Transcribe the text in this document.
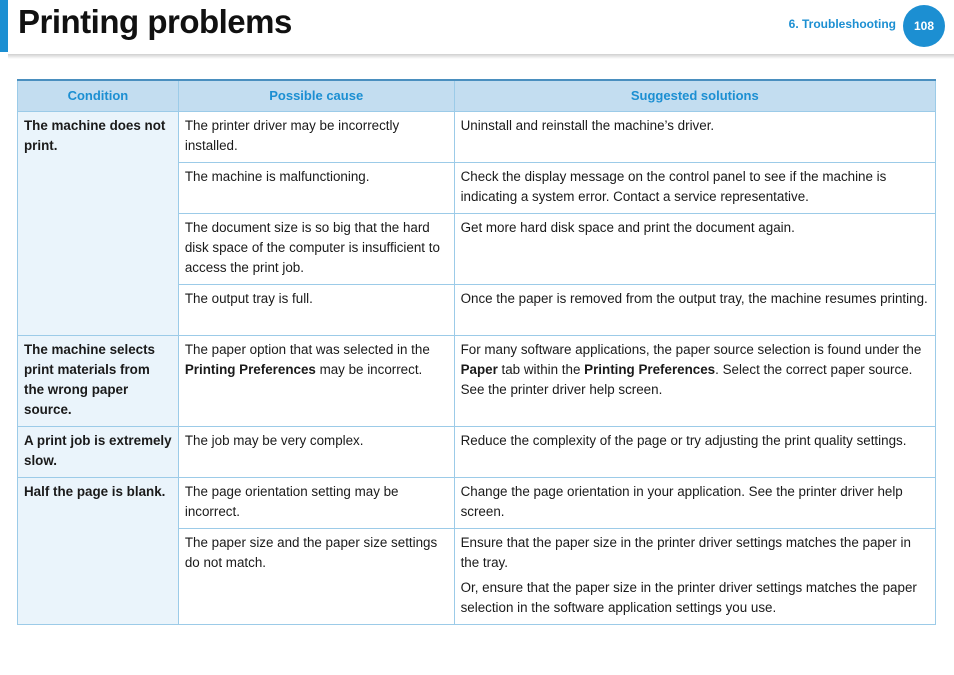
Printing problems	6. Troubleshooting	108
Condition	Possible cause	Suggested solutions
The machine does not print.	The printer driver may be incorrectly installed.	Uninstall and reinstall the machine’s driver.
	The machine is malfunctioning.	Check the display message on the control panel to see if the machine is indicating a system error. Contact a service representative.
	The document size is so big that the hard disk space of the computer is insufficient to access the print job.	Get more hard disk space and print the document again.
	The output tray is full.	Once the paper is removed from the output tray, the machine resumes printing.
The machine selects print materials from the wrong paper source.	The paper option that was selected in the Printing Preferences may be incorrect.	For many software applications, the paper source selection is found under the Paper tab within the Printing Preferences. Select the correct paper source. See the printer driver help screen.
A print job is extremely slow.	The job may be very complex.	Reduce the complexity of the page or try adjusting the print quality settings.
Half the page is blank.	The page orientation setting may be incorrect.	Change the page orientation in your application. See the printer driver help screen.
	The paper size and the paper size settings do not match.	Ensure that the paper size in the printer driver settings matches the paper in the tray.

Or, ensure that the paper size in the printer driver settings matches the paper selection in the software application settings you use.
